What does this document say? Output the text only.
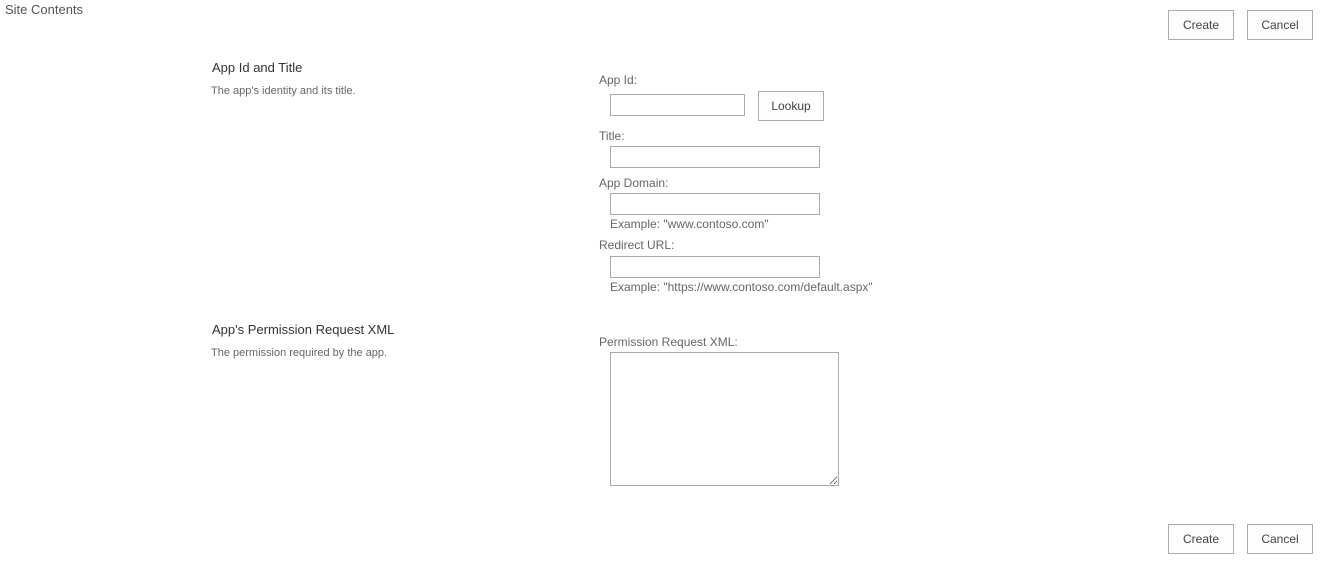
Site Contents
Create	Cancel
App Id and Title
The app's identity and its title.
App Id:
Lookup
Title:
App Domain:
Example: "www.contoso.com"
Redirect URL:
Example: "https://www.contoso.com/default.aspx"
App's Permission Request XML
The permission required by the app.
Permission Request XML:
Create	Cancel
